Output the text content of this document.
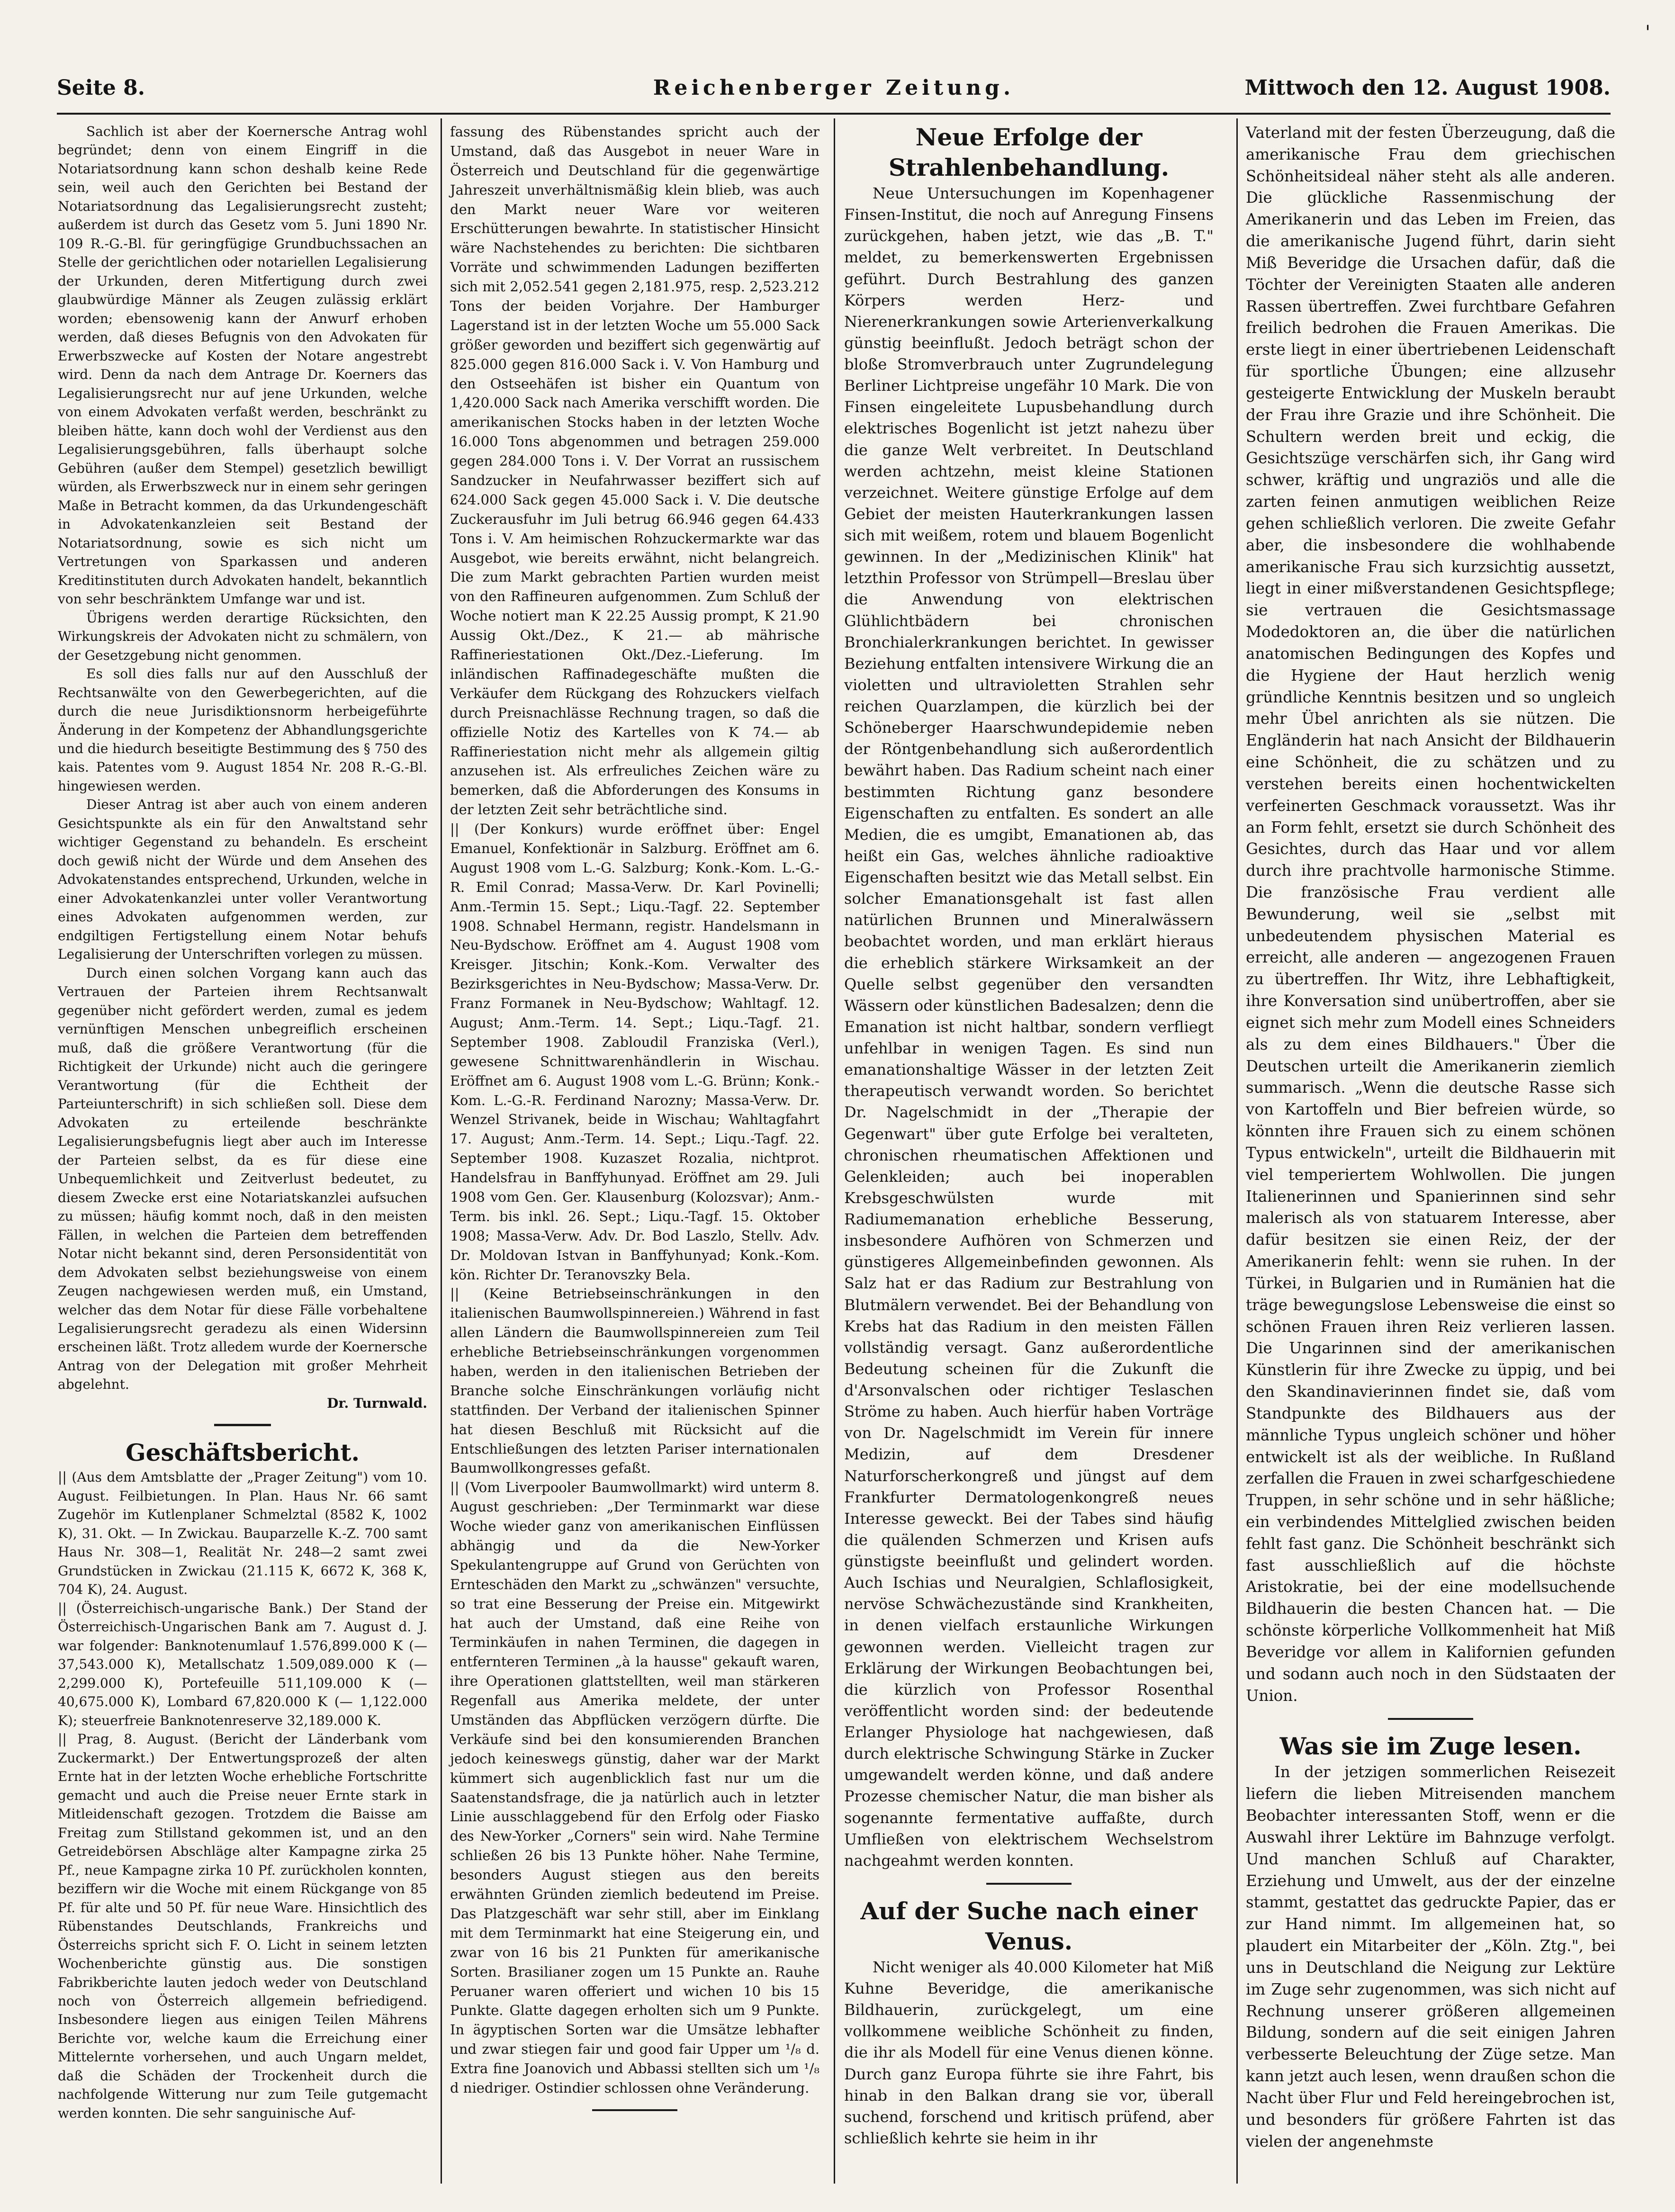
'
Seite 8.	Reichenberger Zeitung.	Mittwoch den 12. August 1908.

Sachlich ist aber der Koernersche Antrag wohl begründet; denn von einem Eingriff in die Notariatsordnung kann schon deshalb keine Rede sein, weil auch den Gerichten bei Bestand der Notariatsordnung das Legalisierungsrecht zusteht; außerdem ist durch das Gesetz vom 5. Juni 1890 Nr. 109 R.-G.-Bl. für geringfügige Grundbuchssachen an Stelle der gerichtlichen oder notariellen Legalisierung der Urkunden, deren Mitfertigung durch zwei glaubwürdige Männer als Zeugen zulässig erklärt worden; ebensowenig kann der Anwurf erhoben werden, daß dieses Befugnis von den Advokaten für Erwerbszwecke auf Kosten der Notare angestrebt wird. Denn da nach dem Antrage Dr. Koerners das Legalisierungsrecht nur auf jene Urkunden, welche von einem Advokaten verfaßt werden, beschränkt zu bleiben hätte, kann doch wohl der Verdienst aus den Legalisierungsgebühren, falls überhaupt solche Gebühren (außer dem Stempel) gesetzlich bewilligt würden, als Erwerbszweck nur in einem sehr geringen Maße in Betracht kommen, da das Urkundengeschäft in Advokatenkanzleien seit Bestand der Notariatsordnung, sowie es sich nicht um Vertretungen von Sparkassen und anderen Kreditinstituten durch Advokaten handelt, bekanntlich von sehr beschränktem Umfange war und ist.

Übrigens werden derartige Rücksichten, den Wirkungskreis der Advokaten nicht zu schmälern, von der Gesetzgebung nicht genommen.

Es soll dies falls nur auf den Ausschluß der Rechtsanwälte von den Gewerbegerichten, auf die durch die neue Jurisdiktionsnorm herbeigeführte Änderung in der Kompetenz der Abhandlungsgerichte und die hiedurch beseitigte Bestimmung des § 750 des kais. Patentes vom 9. August 1854 Nr. 208 R.-G.-Bl. hingewiesen werden.

Dieser Antrag ist aber auch von einem anderen Gesichtspunkte als ein für den Anwaltstand sehr wichtiger Gegenstand zu behandeln. Es erscheint doch gewiß nicht der Würde und dem Ansehen des Advokatenstandes entsprechend, Urkunden, welche in einer Advokatenkanzlei unter voller Verantwortung eines Advokaten aufgenommen werden, zur endgiltigen Fertigstellung einem Notar behufs Legalisierung der Unterschriften vorlegen zu müssen.

Durch einen solchen Vorgang kann auch das Vertrauen der Parteien ihrem Rechtsanwalt gegenüber nicht gefördert werden, zumal es jedem vernünftigen Menschen unbegreiflich erscheinen muß, daß die größere Verantwortung (für die Richtigkeit der Urkunde) nicht auch die geringere Verantwortung (für die Echtheit der Parteiunterschrift) in sich schließen soll. Diese dem Advokaten zu erteilende beschränkte Legalisierungsbefugnis liegt aber auch im Interesse der Parteien selbst, da es für diese eine Unbequemlichkeit und Zeitverlust bedeutet, zu diesem Zwecke erst eine Notariatskanzlei aufsuchen zu müssen; häufig kommt noch, daß in den meisten Fällen, in welchen die Parteien dem betreffenden Notar nicht bekannt sind, deren Personsidentität von dem Advokaten selbst beziehungsweise von einem Zeugen nachgewiesen werden muß, ein Umstand, welcher das dem Notar für diese Fälle vorbehaltene Legalisierungsrecht geradezu als einen Widersinn erscheinen läßt. Trotz alledem wurde der Koernersche Antrag von der Delegation mit großer Mehrheit abgelehnt.

Dr. Turnwald.

Geschäftsbericht.

|| (Aus dem Amtsblatte der „Prager Zeitung") vom 10. August. Feilbietungen. In Plan. Haus Nr. 66 samt Zugehör im Kutlenplaner Schmelztal (8582 K, 1002 K), 31. Okt. — In Zwickau. Bauparzelle K.-Z. 700 samt Haus Nr. 308—1, Realität Nr. 248—2 samt zwei Grundstücken in Zwickau (21.115 K, 6672 K, 368 K, 704 K), 24. August.

|| (Österreichisch-ungarische Bank.) Der Stand der Österreichisch-Ungarischen Bank am 7. August d. J. war folgender: Banknotenumlauf 1.576,899.000 K (— 37,543.000 K), Metallschatz 1.509,089.000 K (— 2,299.000 K), Portefeuille 511,109.000 K (— 40,675.000 K), Lombard 67,820.000 K (— 1,122.000 K); steuerfreie Banknotenreserve 32,189.000 K.

|| Prag, 8. August. (Bericht der Länderbank vom Zuckermarkt.) Der Entwertungsprozeß der alten Ernte hat in der letzten Woche erhebliche Fortschritte gemacht und auch die Preise neuer Ernte stark in Mitleidenschaft gezogen. Trotzdem die Baisse am Freitag zum Stillstand gekommen ist, und an den Getreidebörsen Abschläge alter Kampagne zirka 25 Pf., neue Kampagne zirka 10 Pf. zurückholen konnten, beziffern wir die Woche mit einem Rückgange von 85 Pf. für alte und 50 Pf. für neue Ware. Hinsichtlich des Rübenstandes Deutschlands, Frankreichs und Österreichs spricht sich F. O. Licht in seinem letzten Wochenberichte günstig aus. Die sonstigen Fabrikberichte lauten jedoch weder von Deutschland noch von Österreich allgemein befriedigend. Insbesondere liegen aus einigen Teilen Mährens Berichte vor, welche kaum die Erreichung einer Mittelernte vorhersehen, und auch Ungarn meldet, daß die Schäden der Trockenheit durch die nachfolgende Witterung nur zum Teile gutgemacht werden konnten. Die sehr sanguinische Auf-

fassung des Rübenstandes spricht auch der Umstand, daß das Ausgebot in neuer Ware in Österreich und Deutschland für die gegenwärtige Jahreszeit unverhältnismäßig klein blieb, was auch den Markt neuer Ware vor weiteren Erschütterungen bewahrte. In statistischer Hinsicht wäre Nachstehendes zu berichten: Die sichtbaren Vorräte und schwimmenden Ladungen bezifferten sich mit 2,052.541 gegen 2,181.975, resp. 2,523.212 Tons der beiden Vorjahre. Der Hamburger Lagerstand ist in der letzten Woche um 55.000 Sack größer geworden und beziffert sich gegenwärtig auf 825.000 gegen 816.000 Sack i. V. Von Hamburg und den Ostseehäfen ist bisher ein Quantum von 1,420.000 Sack nach Amerika verschifft worden. Die amerikanischen Stocks haben in der letzten Woche 16.000 Tons abgenommen und betragen 259.000 gegen 284.000 Tons i. V. Der Vorrat an russischem Sandzucker in Neufahrwasser beziffert sich auf 624.000 Sack gegen 45.000 Sack i. V. Die deutsche Zuckerausfuhr im Juli betrug 66.946 gegen 64.433 Tons i. V. Am heimischen Rohzuckermarkte war das Ausgebot, wie bereits erwähnt, nicht belangreich. Die zum Markt gebrachten Partien wurden meist von den Raffineuren aufgenommen. Zum Schluß der Woche notiert man K 22.25 Aussig prompt, K 21.90 Aussig Okt./Dez., K 21.— ab mährische Raffineriestationen Okt./Dez.-Lieferung. Im inländischen Raffinadegeschäfte mußten die Verkäufer dem Rückgang des Rohzuckers vielfach durch Preisnachlässe Rechnung tragen, so daß die offizielle Notiz des Kartelles von K 74.— ab Raffineriestation nicht mehr als allgemein giltig anzusehen ist. Als erfreuliches Zeichen wäre zu bemerken, daß die Abforderungen des Konsums in der letzten Zeit sehr beträchtliche sind.

|| (Der Konkurs) wurde eröffnet über: Engel Emanuel, Konfektionär in Salzburg. Eröffnet am 6. August 1908 vom L.-G. Salzburg; Konk.-Kom. L.-G.-R. Emil Conrad; Massa-Verw. Dr. Karl Povinelli; Anm.-Termin 15. Sept.; Liqu.-Tagf. 22. September 1908. Schnabel Hermann, registr. Handelsmann in Neu-Bydschow. Eröffnet am 4. August 1908 vom Kreisger. Jitschin; Konk.-Kom. Verwalter des Bezirksgerichtes in Neu-Bydschow; Massa-Verw. Dr. Franz Formanek in Neu-Bydschow; Wahltagf. 12. August; Anm.-Term. 14. Sept.; Liqu.-Tagf. 21. September 1908. Zabloudil Franziska (Verl.), gewesene Schnittwarenhändlerin in Wischau. Eröffnet am 6. August 1908 vom L.-G. Brünn; Konk.-Kom. L.-G.-R. Ferdinand Narozny; Massa-Verw. Dr. Wenzel Strivanek, beide in Wischau; Wahltagfahrt 17. August; Anm.-Term. 14. Sept.; Liqu.-Tagf. 22. September 1908. Kuzaszet Rozalia, nichtprot. Handelsfrau in Banffyhunyad. Eröffnet am 29. Juli 1908 vom Gen. Ger. Klausenburg (Kolozsvar); Anm.-Term. bis inkl. 26. Sept.; Liqu.-Tagf. 15. Oktober 1908; Massa-Verw. Adv. Dr. Bod Laszlo, Stellv. Adv. Dr. Moldovan Istvan in Banffyhunyad; Konk.-Kom. kön. Richter Dr. Teranovszky Bela.

|| (Keine Betriebseinschränkungen in den italienischen Baumwollspinnereien.) Während in fast allen Ländern die Baumwollspinnereien zum Teil erhebliche Betriebseinschränkungen vorgenommen haben, werden in den italienischen Betrieben der Branche solche Einschränkungen vorläufig nicht stattfinden. Der Verband der italienischen Spinner hat diesen Beschluß mit Rücksicht auf die Entschließungen des letzten Pariser internationalen Baumwollkongresses gefaßt.

|| (Vom Liverpooler Baumwollmarkt) wird unterm 8. August geschrieben: „Der Terminmarkt war diese Woche wieder ganz von amerikanischen Einflüssen abhängig und da die New-Yorker Spekulantengruppe auf Grund von Gerüchten von Ernteschäden den Markt zu „schwänzen" versuchte, so trat eine Besserung der Preise ein. Mitgewirkt hat auch der Umstand, daß eine Reihe von Terminkäufen in nahen Terminen, die dagegen in entfernteren Terminen „à la hausse" gekauft waren, ihre Operationen glattstellten, weil man stärkeren Regenfall aus Amerika meldete, der unter Umständen das Abpflücken verzögern dürfte. Die Verkäufe sind bei den konsumierenden Branchen jedoch keineswegs günstig, daher war der Markt kümmert sich augenblicklich fast nur um die Saatenstandsfrage, die ja natürlich auch in letzter Linie ausschlaggebend für den Erfolg oder Fiasko des New-Yorker „Corners" sein wird. Nahe Termine schließen 26 bis 13 Punkte höher. Nahe Termine, besonders August stiegen aus den bereits erwähnten Gründen ziemlich bedeutend im Preise. Das Platzgeschäft war sehr still, aber im Einklang mit dem Terminmarkt hat eine Steigerung ein, und zwar von 16 bis 21 Punkten für amerikanische Sorten. Brasilianer zogen um 15 Punkte an. Rauhe Peruaner waren offeriert und wichen 10 bis 15 Punkte. Glatte dagegen erholten sich um 9 Punkte. In ägyptischen Sorten war die Umsätze lebhafter und zwar stiegen fair und good fair Upper um ¹/₈ d. Extra fine Joanovich und Abbassi stellten sich um ¹/₈ d niedriger. Ostindier schlossen ohne Veränderung.

Neue Erfolge der Strahlenbehandlung.

Neue Untersuchungen im Kopenhagener Finsen-Institut, die noch auf Anregung Finsens zurückgehen, haben jetzt, wie das „B. T." meldet, zu bemerkenswerten Ergebnissen geführt. Durch Bestrahlung des ganzen Körpers werden Herz- und Nierenerkrankungen sowie Arterienverkalkung günstig beeinflußt. Jedoch beträgt schon der bloße Stromverbrauch unter Zugrundelegung Berliner Lichtpreise ungefähr 10 Mark. Die von Finsen eingeleitete Lupusbehandlung durch elektrisches Bogenlicht ist jetzt nahezu über die ganze Welt verbreitet. In Deutschland werden achtzehn, meist kleine Stationen verzeichnet. Weitere günstige Erfolge auf dem Gebiet der meisten Hauterkrankungen lassen sich mit weißem, rotem und blauem Bogenlicht gewinnen. In der „Medizinischen Klinik" hat letzthin Professor von Strümpell—Breslau über die Anwendung von elektrischen Glühlichtbädern bei chronischen Bronchialerkrankungen berichtet. In gewisser Beziehung entfalten intensivere Wirkung die an violetten und ultravioletten Strahlen sehr reichen Quarzlampen, die kürzlich bei der Schöneberger Haarschwundepidemie neben der Röntgenbehandlung sich außerordentlich bewährt haben. Das Radium scheint nach einer bestimmten Richtung ganz besondere Eigenschaften zu entfalten. Es sondert an alle Medien, die es umgibt, Emanationen ab, das heißt ein Gas, welches ähnliche radioaktive Eigenschaften besitzt wie das Metall selbst. Ein solcher Emanationsgehalt ist fast allen natürlichen Brunnen und Mineralwässern beobachtet worden, und man erklärt hieraus die erheblich stärkere Wirksamkeit an der Quelle selbst gegenüber den versandten Wässern oder künstlichen Badesalzen; denn die Emanation ist nicht haltbar, sondern verfliegt unfehlbar in wenigen Tagen. Es sind nun emanationshaltige Wässer in der letzten Zeit therapeutisch verwandt worden. So berichtet Dr. Nagelschmidt in der „Therapie der Gegenwart" über gute Erfolge bei veralteten, chronischen rheumatischen Affektionen und Gelenkleiden; auch bei inoperablen Krebsgeschwülsten wurde mit Radiumemanation erhebliche Besserung, insbesondere Aufhören von Schmerzen und günstigeres Allgemeinbefinden gewonnen. Als Salz hat er das Radium zur Bestrahlung von Blutmälern verwendet. Bei der Behandlung von Krebs hat das Radium in den meisten Fällen vollständig versagt. Ganz außerordentliche Bedeutung scheinen für die Zukunft die d'Arsonvalschen oder richtiger Teslaschen Ströme zu haben. Auch hierfür haben Vorträge von Dr. Nagelschmidt im Verein für innere Medizin, auf dem Dresdener Naturforscherkongreß und jüngst auf dem Frankfurter Dermatologenkongreß neues Interesse geweckt. Bei der Tabes sind häufig die quälenden Schmerzen und Krisen aufs günstigste beeinflußt und gelindert worden. Auch Ischias und Neuralgien, Schlaflosigkeit, nervöse Schwächezustände sind Krankheiten, in denen vielfach erstaunliche Wirkungen gewonnen werden. Vielleicht tragen zur Erklärung der Wirkungen Beobachtungen bei, die kürzlich von Professor Rosenthal veröffentlicht worden sind: der bedeutende Erlanger Physiologe hat nachgewiesen, daß durch elektrische Schwingung Stärke in Zucker umgewandelt werden könne, und daß andere Prozesse chemischer Natur, die man bisher als sogenannte fermentative auffaßte, durch Umfließen von elektrischem Wechselstrom nachgeahmt werden konnten.

Auf der Suche nach einer Venus.

Nicht weniger als 40.000 Kilometer hat Miß Kuhne Beveridge, die amerikanische Bildhauerin, zurückgelegt, um eine vollkommene weibliche Schönheit zu finden, die ihr als Modell für eine Venus dienen könne. Durch ganz Europa führte sie ihre Fahrt, bis hinab in den Balkan drang sie vor, überall suchend, forschend und kritisch prüfend, aber schließlich kehrte sie heim in ihr

Vaterland mit der festen Überzeugung, daß die amerikanische Frau dem griechischen Schönheitsideal näher steht als alle anderen. Die glückliche Rassenmischung der Amerikanerin und das Leben im Freien, das die amerikanische Jugend führt, darin sieht Miß Beveridge die Ursachen dafür, daß die Töchter der Vereinigten Staaten alle anderen Rassen übertreffen. Zwei furchtbare Gefahren freilich bedrohen die Frauen Amerikas. Die erste liegt in einer übertriebenen Leidenschaft für sportliche Übungen; eine allzusehr gesteigerte Entwicklung der Muskeln beraubt der Frau ihre Grazie und ihre Schönheit. Die Schultern werden breit und eckig, die Gesichtszüge verschärfen sich, ihr Gang wird schwer, kräftig und ungraziös und alle die zarten feinen anmutigen weiblichen Reize gehen schließlich verloren. Die zweite Gefahr aber, die insbesondere die wohlhabende amerikanische Frau sich kurzsichtig aussetzt, liegt in einer mißverstandenen Gesichtspflege; sie vertrauen die Gesichtsmassage Modedoktoren an, die über die natürlichen anatomischen Bedingungen des Kopfes und die Hygiene der Haut herzlich wenig gründliche Kenntnis besitzen und so ungleich mehr Übel anrichten als sie nützen. Die Engländerin hat nach Ansicht der Bildhauerin eine Schönheit, die zu schätzen und zu verstehen bereits einen hochentwickelten verfeinerten Geschmack voraussetzt. Was ihr an Form fehlt, ersetzt sie durch Schönheit des Gesichtes, durch das Haar und vor allem durch ihre prachtvolle harmonische Stimme. Die französische Frau verdient alle Bewunderung, weil sie „selbst mit unbedeutendem physischen Material es erreicht, alle anderen — angezogenen Frauen zu übertreffen. Ihr Witz, ihre Lebhaftigkeit, ihre Konversation sind unübertroffen, aber sie eignet sich mehr zum Modell eines Schneiders als zu dem eines Bildhauers." Über die Deutschen urteilt die Amerikanerin ziemlich summarisch. „Wenn die deutsche Rasse sich von Kartoffeln und Bier befreien würde, so könnten ihre Frauen sich zu einem schönen Typus entwickeln", urteilt die Bildhauerin mit viel temperiertem Wohlwollen. Die jungen Italienerinnen und Spanierinnen sind sehr malerisch als von statuarem Interesse, aber dafür besitzen sie einen Reiz, der der Amerikanerin fehlt: wenn sie ruhen. In der Türkei, in Bulgarien und in Rumänien hat die träge bewegungslose Lebensweise die einst so schönen Frauen ihren Reiz verlieren lassen. Die Ungarinnen sind der amerikanischen Künstlerin für ihre Zwecke zu üppig, und bei den Skandinavierinnen findet sie, daß vom Standpunkte des Bildhauers aus der männliche Typus ungleich schöner und höher entwickelt ist als der weibliche. In Rußland zerfallen die Frauen in zwei scharfgeschiedene Truppen, in sehr schöne und in sehr häßliche; ein verbindendes Mittelglied zwischen beiden fehlt fast ganz. Die Schönheit beschränkt sich fast ausschließlich auf die höchste Aristokratie, bei der eine modellsuchende Bildhauerin die besten Chancen hat. — Die schönste körperliche Vollkommenheit hat Miß Beveridge vor allem in Kalifornien gefunden und sodann auch noch in den Südstaaten der Union.

Was sie im Zuge lesen.

In der jetzigen sommerlichen Reisezeit liefern die lieben Mitreisenden manchem Beobachter interessanten Stoff, wenn er die Auswahl ihrer Lektüre im Bahnzuge verfolgt. Und manchen Schluß auf Charakter, Erziehung und Umwelt, aus der der einzelne stammt, gestattet das gedruckte Papier, das er zur Hand nimmt. Im allgemeinen hat, so plaudert ein Mitarbeiter der „Köln. Ztg.", bei uns in Deutschland die Neigung zur Lektüre im Zuge sehr zugenommen, was sich nicht auf Rechnung unserer größeren allgemeinen Bildung, sondern auf die seit einigen Jahren verbesserte Beleuchtung der Züge setze. Man kann jetzt auch lesen, wenn draußen schon die Nacht über Flur und Feld hereingebrochen ist, und besonders für größere Fahrten ist das vielen der angenehmste
